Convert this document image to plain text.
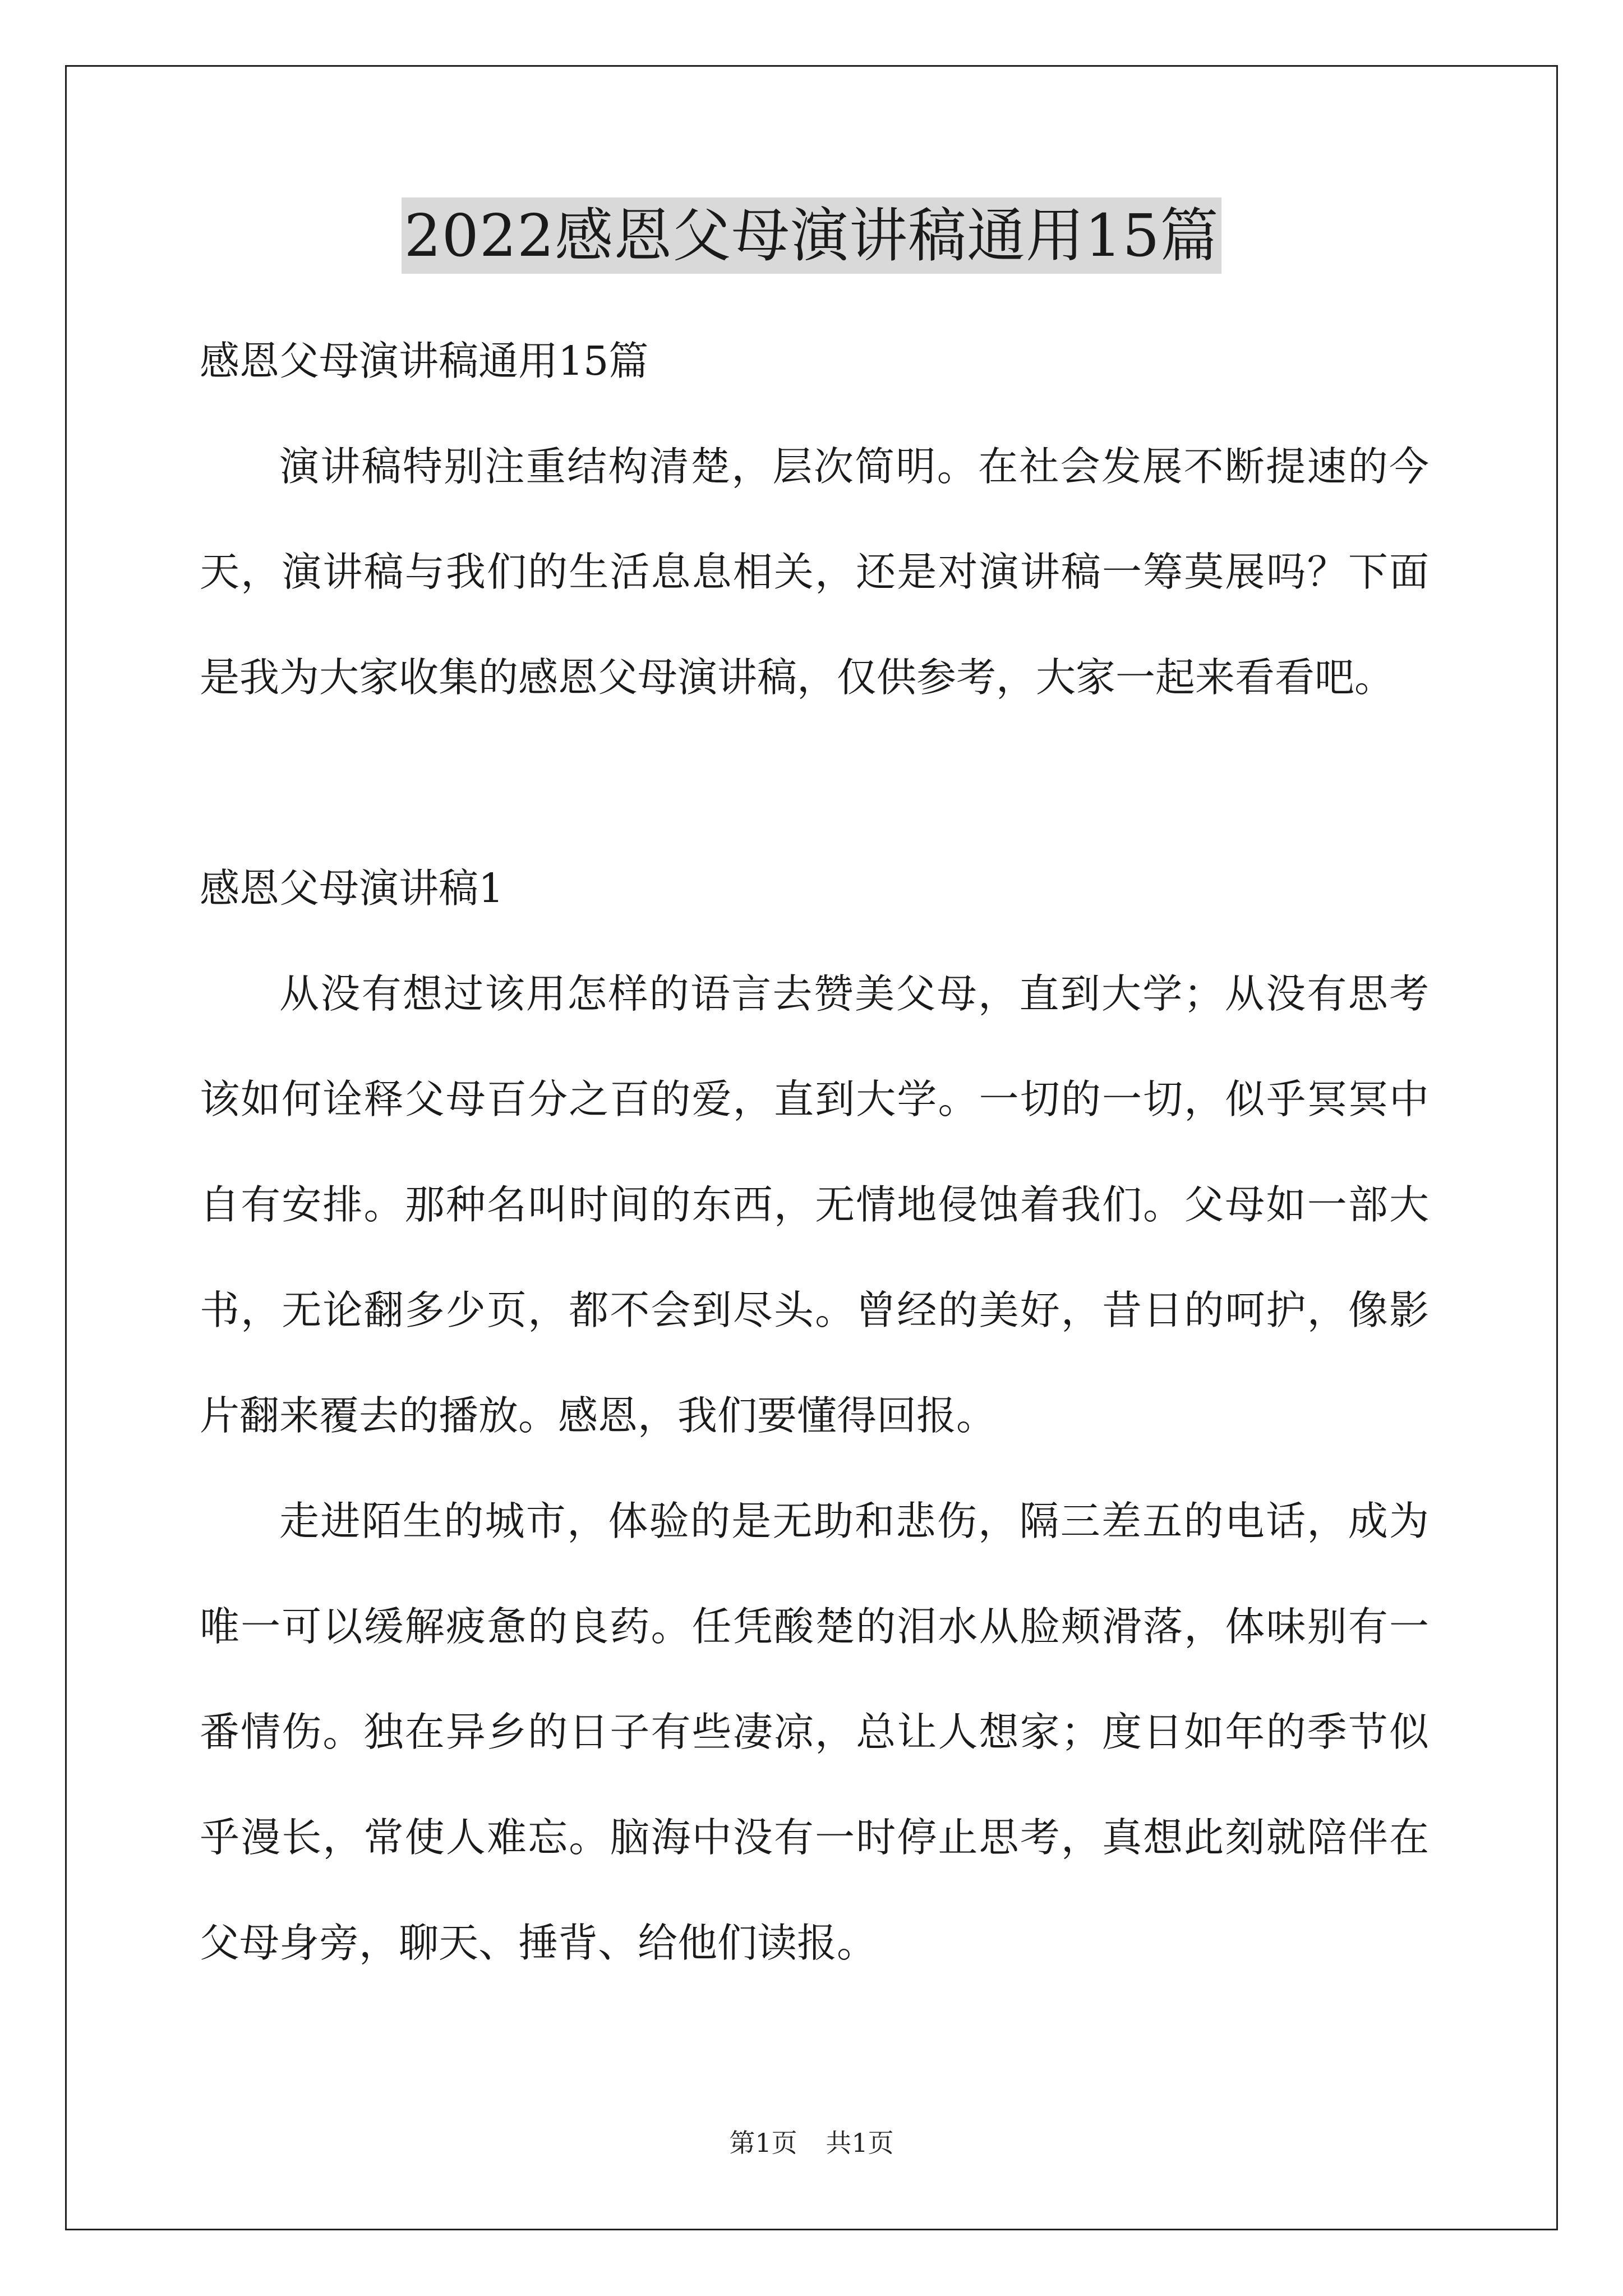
2022感恩父母演讲稿通用15篇

感恩父母演讲稿通用15篇

演讲稿特别注重结构清楚，层次简明。在社会发展不断提速的今

天，演讲稿与我们的生活息息相关，还是对演讲稿一筹莫展吗？下面

是我为大家收集的感恩父母演讲稿，仅供参考，大家一起来看看吧。

感恩父母演讲稿1

从没有想过该用怎样的语言去赞美父母，直到大学；从没有思考

该如何诠释父母百分之百的爱，直到大学。一切的一切，似乎冥冥中

自有安排。那种名叫时间的东西，无情地侵蚀着我们。父母如一部大

书，无论翻多少页，都不会到尽头。曾经的美好，昔日的呵护，像影

片翻来覆去的播放。感恩，我们要懂得回报。

走进陌生的城市，体验的是无助和悲伤，隔三差五的电话，成为

唯一可以缓解疲惫的良药。任凭酸楚的泪水从脸颊滑落，体味别有一

番情伤。独在异乡的日子有些凄凉，总让人想家；度日如年的季节似

乎漫长，常使人难忘。脑海中没有一时停止思考，真想此刻就陪伴在

父母身旁，聊天、捶背、给他们读报。

第1页 共1页
